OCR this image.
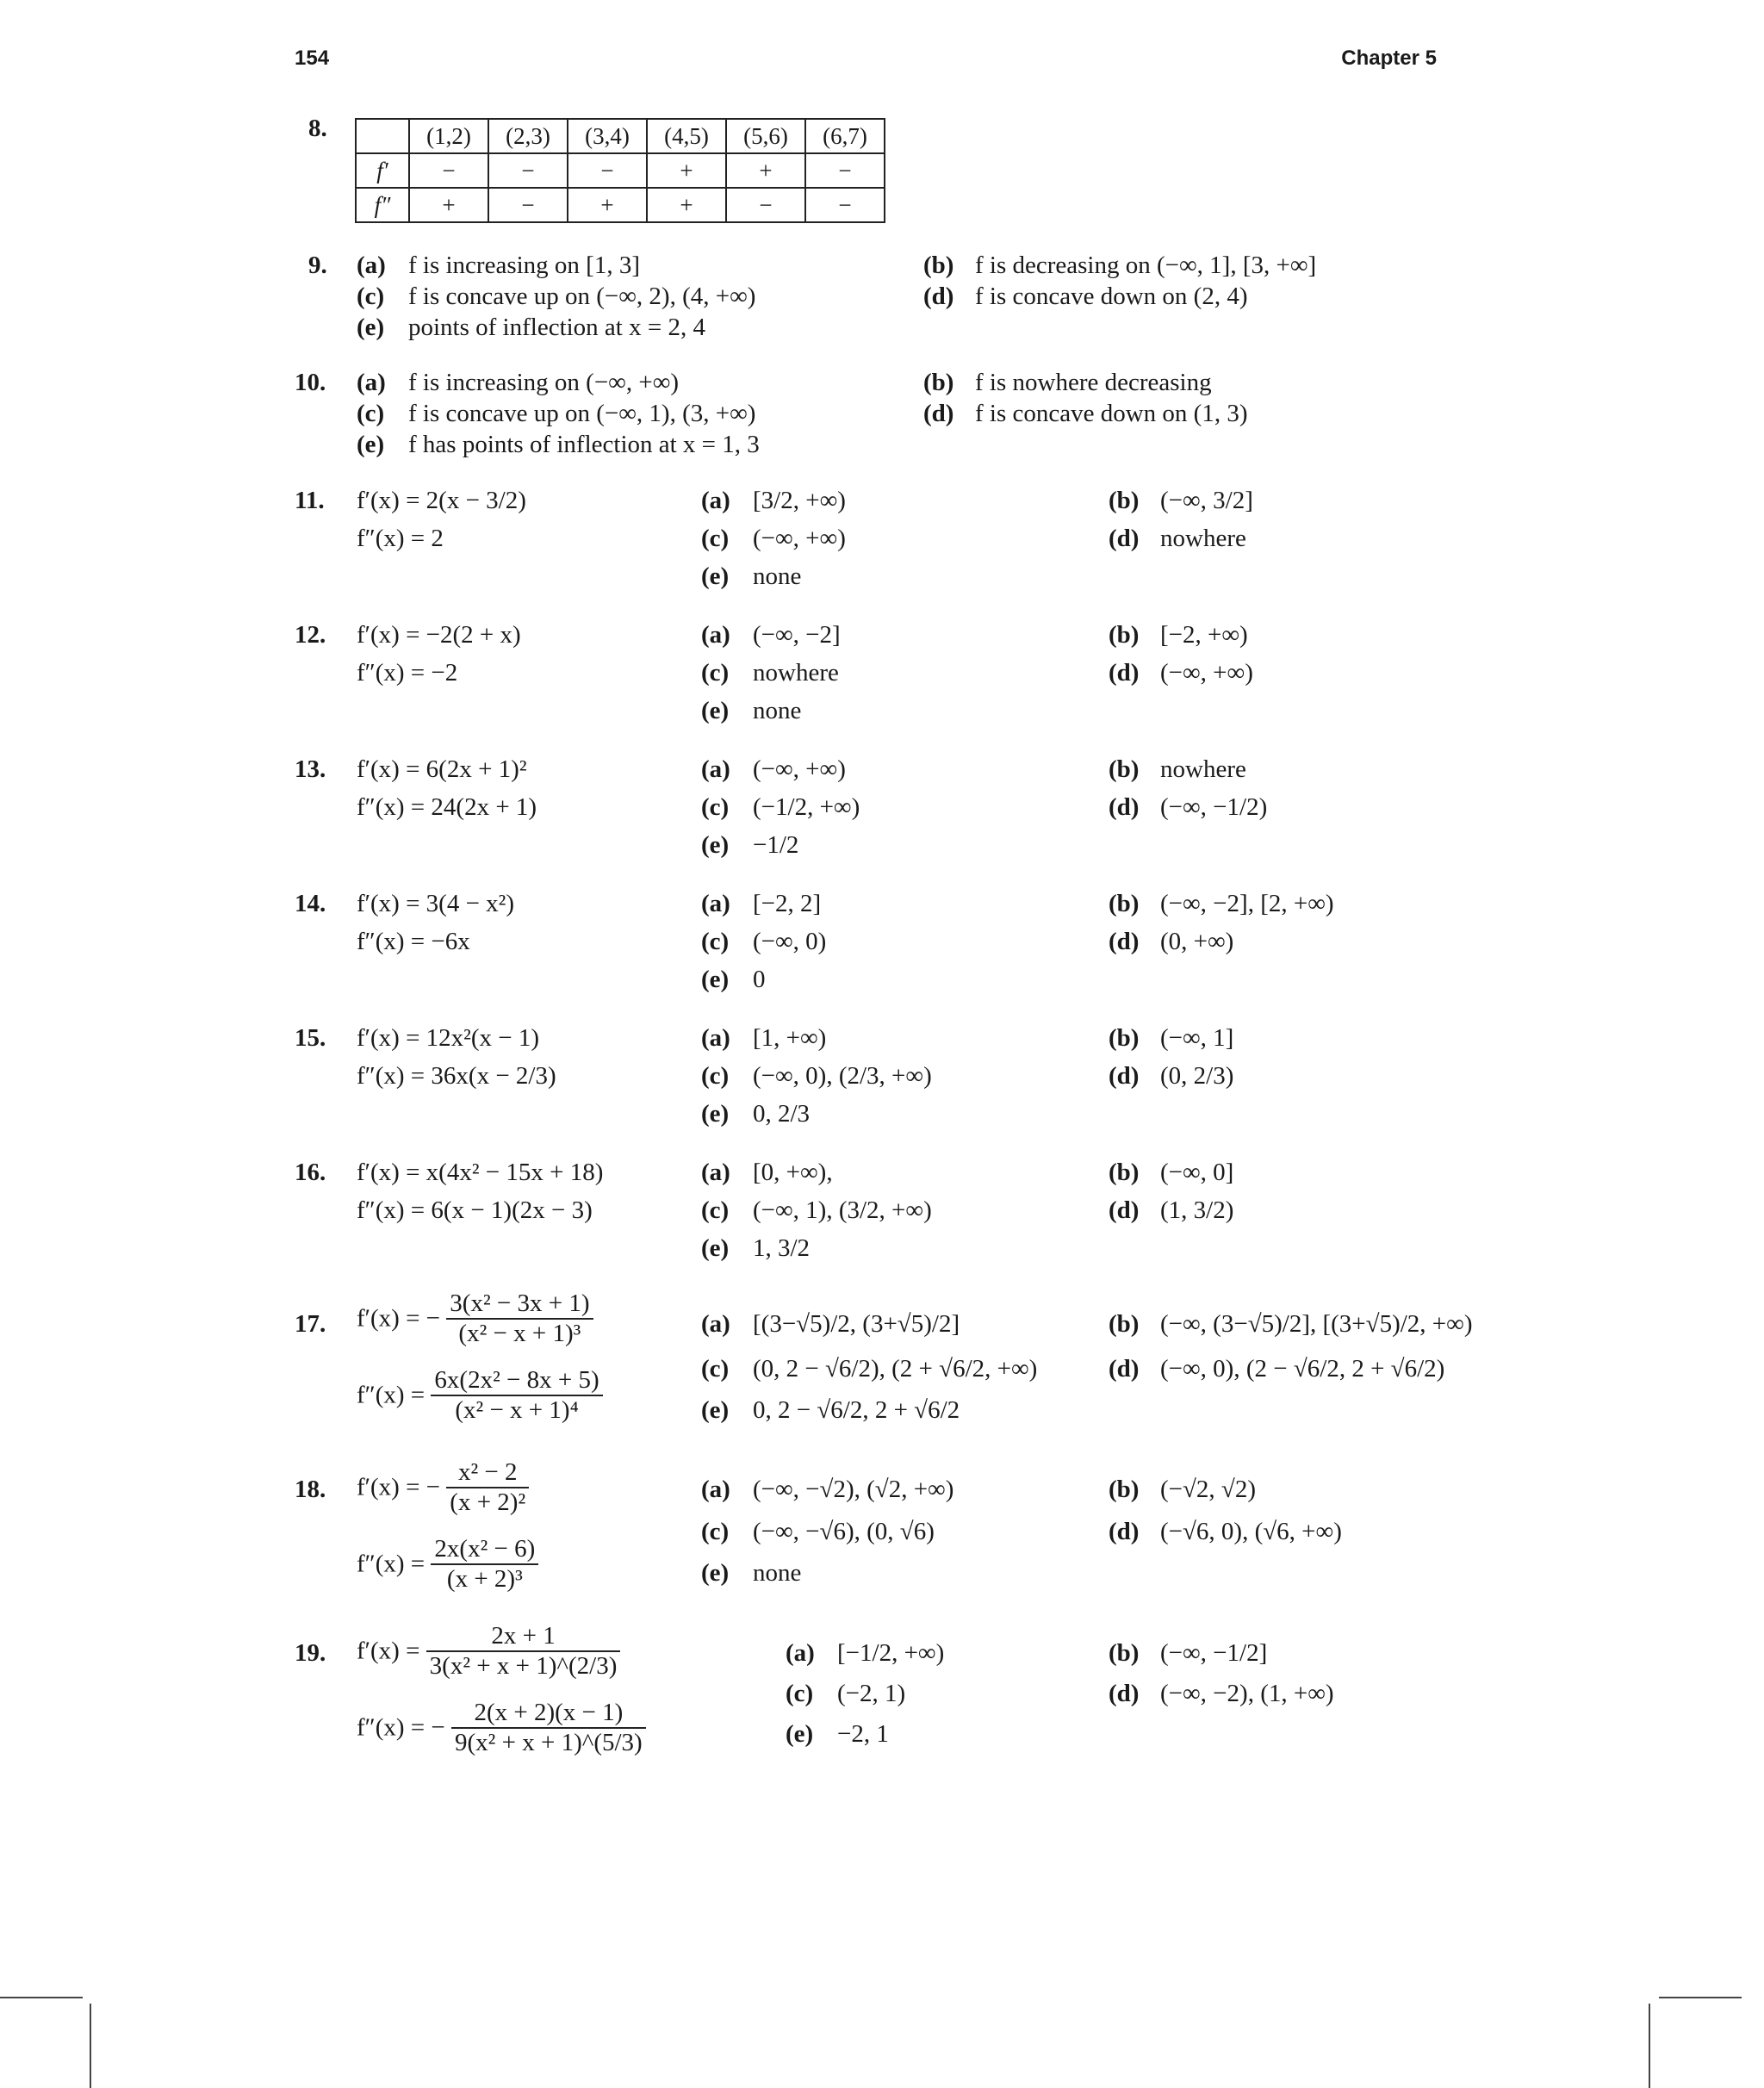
154	Chapter 5
8.
		(1,2)	(2,3)	(3,4)	(4,5)	(5,6)	(6,7)
f′	−	−	−	+	+	−
f″	+	−	+	+	−	−
9. (a) f is increasing on [1, 3]	(b) f is decreasing on (−∞, 1], [3, +∞]
(c) f is concave up on (−∞, 2), (4, +∞)	(d) f is concave down on (2, 4)
(e) points of inflection at x = 2, 4
10. (a) f is increasing on (−∞, +∞)	(b) f is nowhere decreasing
(c) f is concave up on (−∞, 1), (3, +∞)	(d) f is concave down on (1, 3)
(e) f has points of inflection at x = 1, 3
11. f′(x) = 2(x − 3/2)
f″(x) = 2
(a) [3/2, +∞)	(b) (−∞, 3/2]
(c) (−∞, +∞)	(d) nowhere
(e) none
12. f′(x) = −2(2 + x)
f″(x) = −2
(a) (−∞, −2]	(b) [−2, +∞)
(c) nowhere	(d) (−∞, +∞)
(e) none
13. f′(x) = 6(2x + 1)²
f″(x) = 24(2x + 1)
(a) (−∞, +∞)	(b) nowhere
(c) (−1/2, +∞)	(d) (−∞, −1/2)
(e) −1/2
14. f′(x) = 3(4 − x²)
f″(x) = −6x
(a) [−2, 2]	(b) (−∞, −2], [2, +∞)
(c) (−∞, 0)	(d) (0, +∞)
(e) 0
15. f′(x) = 12x²(x − 1)
f″(x) = 36x(x − 2/3)
(a) [1, +∞)	(b) (−∞, 1]
(c) (−∞, 0), (2/3, +∞)	(d) (0, 2/3)
(e) 0, 2/3
16. f′(x) = x(4x² − 15x + 18)
f″(x) = 6(x − 1)(2x − 3)
(a) [0, +∞),	(b) (−∞, 0]
(c) (−∞, 1), (3/2, +∞)	(d) (1, 3/2)
(e) 1, 3/2
17. f′(x) = − $\frac{\text{3(x² − 3x + 1)}}{\text{(x² − x + 1)³}}$
$f''(x) = \frac{\text{6x(2x² − 8x + 5)}}{\text{(x² − x + 1)⁴}}$
(a) [(3−√5)/2, (3+√5)/2]	(b) (−∞, (3−√5)/2], [(3+√5)/2, +∞)
(c) (0, 2 − √6/2), (2 + √6/2, +∞)	(d) (−∞, 0), (2 − √6/2, 2 + √6/2)
(e) 0, 2 − √6/2, 2 + √6/2
18. f′(x) = − $\frac{\text{x² − 2}}{\text{(x + 2)²}}$
$f''(x) = \frac{\text{2x(x² − 6)}}{\text{(x + 2)³}}$
(a) (−∞, −√2), (√2, +∞)	(b) (−√2, √2)
(c) (−∞, −√6), (0, √6)	(d) (−√6, 0), (√6, +∞)
(e) none
19. $f'(x) = \frac{2x + 1}{\text{3(x² + x + 1)\textasciicircum{}(2/3)}}$
f″(x) = − $\frac{2(x + 2)(x - 1)}{\text{9(x² + x + 1)\textasciicircum{}(5/3)}}$
(a) [−1/2, +∞)	(b) (−∞, −1/2]
(c) (−2, 1)	(d) (−∞, −2), (1, +∞)
(e) −2, 1
